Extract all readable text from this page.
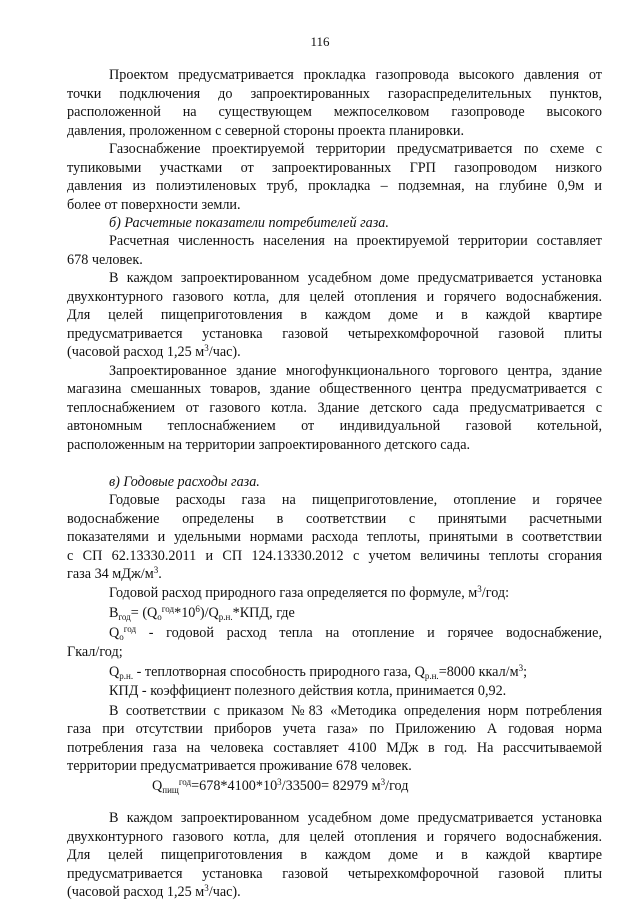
116
Проектом предусматривается прокладка газопровода высокого давления от
точки подключения до запроектированных газораспределительных пунктов,
расположенной на существующем межпоселковом газопроводе высокого
давления, проложенном с северной стороны проекта планировки.
Газоснабжение проектируемой территории предусматривается по схеме с
тупиковыми участками от запроектированных ГРП газопроводом низкого
давления из полиэтиленовых труб, прокладка – подземная, на глубине 0,9м и
более от поверхности земли.
б) Расчетные показатели потребителей газа.
Расчетная численность населения на проектируемой территории составляет
678 человек.
В каждом запроектированном усадебном доме предусматривается установка
двухконтурного газового котла, для целей отопления и горячего водоснабжения.
Для целей пищеприготовления в каждом доме и в каждой квартире
предусматривается установка газовой четырехкомфорочной газовой плиты
(часовой расход 1,25 $м^3/час$).
Запроектированное здание многофункционального торгового центра, здание
магазина смешанных товаров, здание общественного центра предусматривается с
теплоснабжением от газового котла. Здание детского сада предусматривается с
автономным теплоснабжением от индивидуальной газовой котельной,
расположенным на территории запроектированного детского сада.
в) Годовые расходы газа.
Годовые расходы газа на пищеприготовление, отопление и горячее
водоснабжение определены в соответствии с принятыми расчетными
показателями и удельными нормами расхода теплоты, принятыми в соответствии
с СП 62.13330.2011 и СП 124.13330.2012 с учетом величины теплоты сгорания
газа 34 мДж/$м^3$.
Годовой расход природного газа определяется по формуле, $м^3$/год:
$В_{год}= (Q_о^{год}*10^6)/Q_{р.н.}*КПД$, где
$Q_о^{год}$ - годовой расход тепла на отопление и горячее водоснабжение,
Гкал/год;
$Q_{р.н.}$ - теплотворная способность природного газа, $Q_{р.н.}=8000$ ккал/$м^3$;
КПД - коэффициент полезного действия котла, принимается 0,92.
В соответствии с приказом №83 «Методика определения норм потребления
газа при отсутствии приборов учета газа» по Приложению А годовая норма
потребления газа на человека составляет 4100 МДж в год. На рассчитываемой
территории предусматривается проживание 678 человек.
$Q_{пищ}^{год}=678*4100*10^3/33500= 82979$ $м^3$/год
В каждом запроектированном усадебном доме предусматривается установка
двухконтурного газового котла, для целей отопления и горячего водоснабжения.
Для целей пищеприготовления в каждом доме и в каждой квартире
предусматривается установка газовой четырехкомфорочной газовой плиты
(часовой расход 1,25 $м^3/час$).
